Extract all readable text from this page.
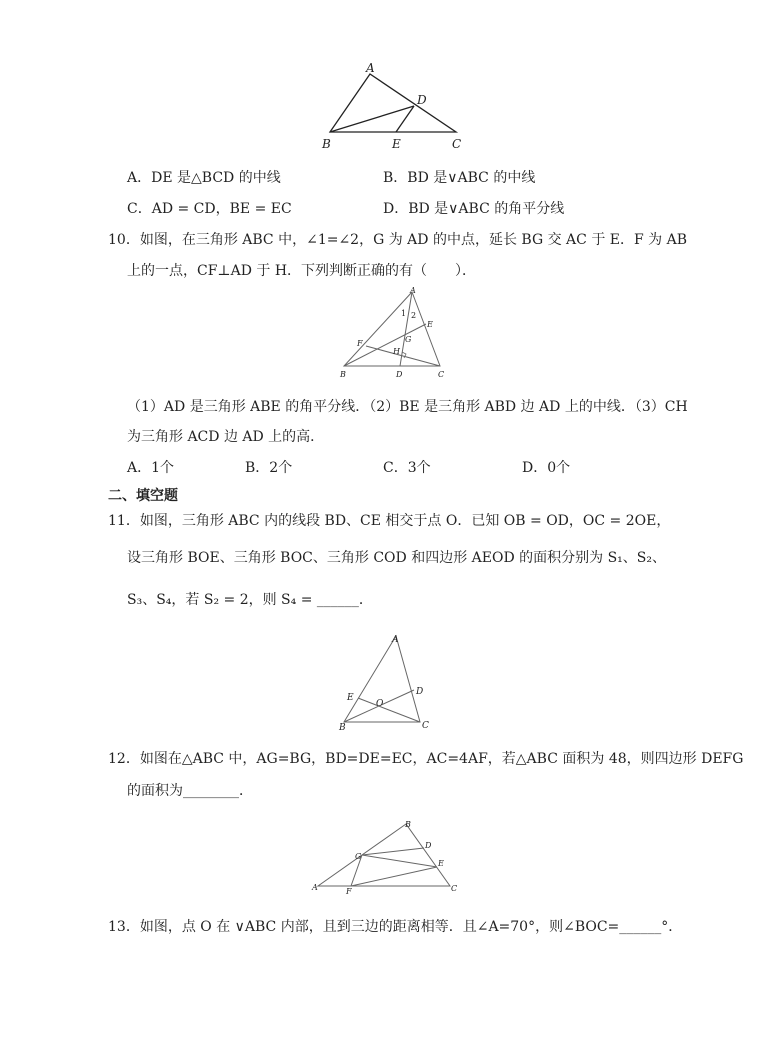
A
B	C
D
E
A．DE 是△BCD 的中线	B．BD 是∨ABC 的中线
C．AD = CD，BE = EC	D．BD 是∨ABC 的角平分线
10．如图，在三角形 ABC 中，∠1=∠2，G 为 AD 的中点，延长 BG 交 AC 于 E．F 为 AB
上的一点，CF⊥AD 于 H．下列判断正确的有（　　）．
A
1 2
E
G
F
H
B	D	C
（1）AD 是三角形 ABE 的角平分线．（2）BE 是三角形 ABD 边 AD 上的中线．（3）CH
为三角形 ACD 边 AD 上的高．
A．1个	B．2个	C．3个	D．0个
二、填空题
11．如图，三角形 ABC 内的线段 BD、CE 相交于点 O．已知 OB = OD，OC = 2OE，
设三角形 BOE、三角形 BOC、三角形 COD 和四边形 AEOD 的面积分别为 S₁、S₂、
S₃、S₄，若 S₂ = 2，则 S₄ = ______．
A
D
E
O
B	C
12．如图在△ABC 中，AG=BG，BD=DE=EC，AC=4AF，若△ABC 面积为 48，则四边形 DEFG
的面积为________．
B
D
G
E
A	F	C
13．如图，点 O 在 ∨ABC 内部，且到三边的距离相等．且∠A=70°，则∠BOC=______°．
